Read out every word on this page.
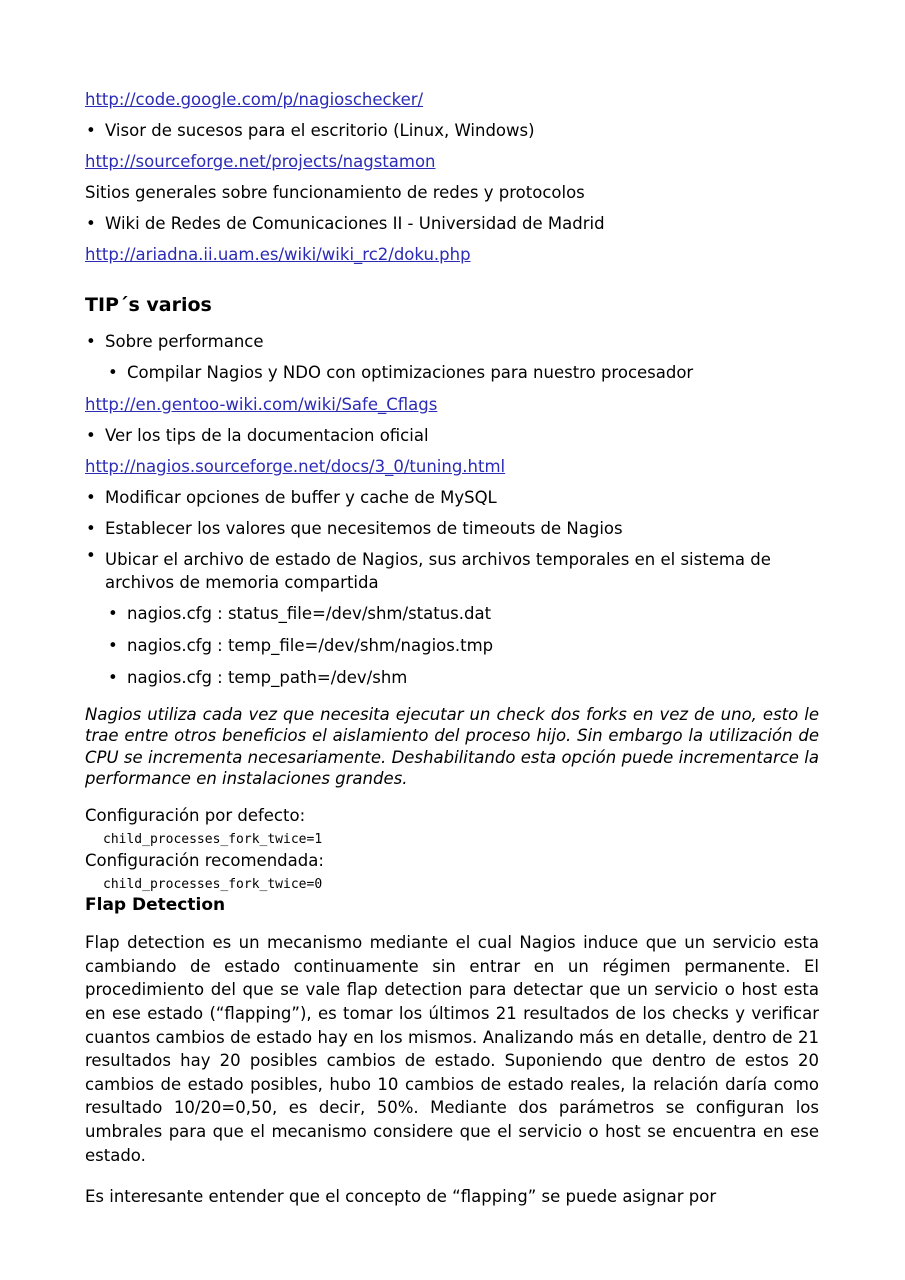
http://code.google.com/p/nagioschecker/
• Visor de sucesos para el escritorio (Linux, Windows)
http://sourceforge.net/projects/nagstamon
Sitios generales sobre funcionamiento de redes y protocolos
• Wiki de Redes de Comunicaciones II - Universidad de Madrid
http://ariadna.ii.uam.es/wiki/wiki_rc2/doku.php
TIP´s varios
• Sobre performance
• Compilar Nagios y NDO con optimizaciones para nuestro procesador
http://en.gentoo-wiki.com/wiki/Safe_Cflags
• Ver los tips de la documentacion oficial
http://nagios.sourceforge.net/docs/3_0/tuning.html
• Modificar opciones de buffer y cache de MySQL
• Establecer los valores que necesitemos de timeouts de Nagios
• Ubicar el archivo de estado de Nagios, sus archivos temporales en el sistema de archivos de memoria compartida
• nagios.cfg : status_file=/dev/shm/status.dat
• nagios.cfg : temp_file=/dev/shm/nagios.tmp
• nagios.cfg : temp_path=/dev/shm

Nagios utiliza cada vez que necesita ejecutar un check dos forks en vez de uno, esto le trae entre otros beneficios el aislamiento del proceso hijo. Sin embargo la utilización de CPU se incrementa necesariamente. Deshabilitando esta opción puede incrementarce la performance en instalaciones grandes.

Configuración por defecto:
child_processes_fork_twice=1
Configuración recomendada:
child_processes_fork_twice=0
Flap Detection

Flap detection es un mecanismo mediante el cual Nagios induce que un servicio esta cambiando de estado continuamente sin entrar en un régimen permanente. El procedimiento del que se vale flap detection para detectar que un servicio o host esta en ese estado (“flapping”), es tomar los últimos 21 resultados de los checks y verificar cuantos cambios de estado hay en los mismos. Analizando más en detalle, dentro de 21 resultados hay 20 posibles cambios de estado. Suponiendo que dentro de estos 20 cambios de estado posibles, hubo 10 cambios de estado reales, la relación daría como resultado 10/20=0,50, es decir, 50%. Mediante dos parámetros se configuran los umbrales para que el mecanismo considere que el servicio o host se encuentra en ese estado.

Es interesante entender que el concepto de “flapping” se puede asignar por
